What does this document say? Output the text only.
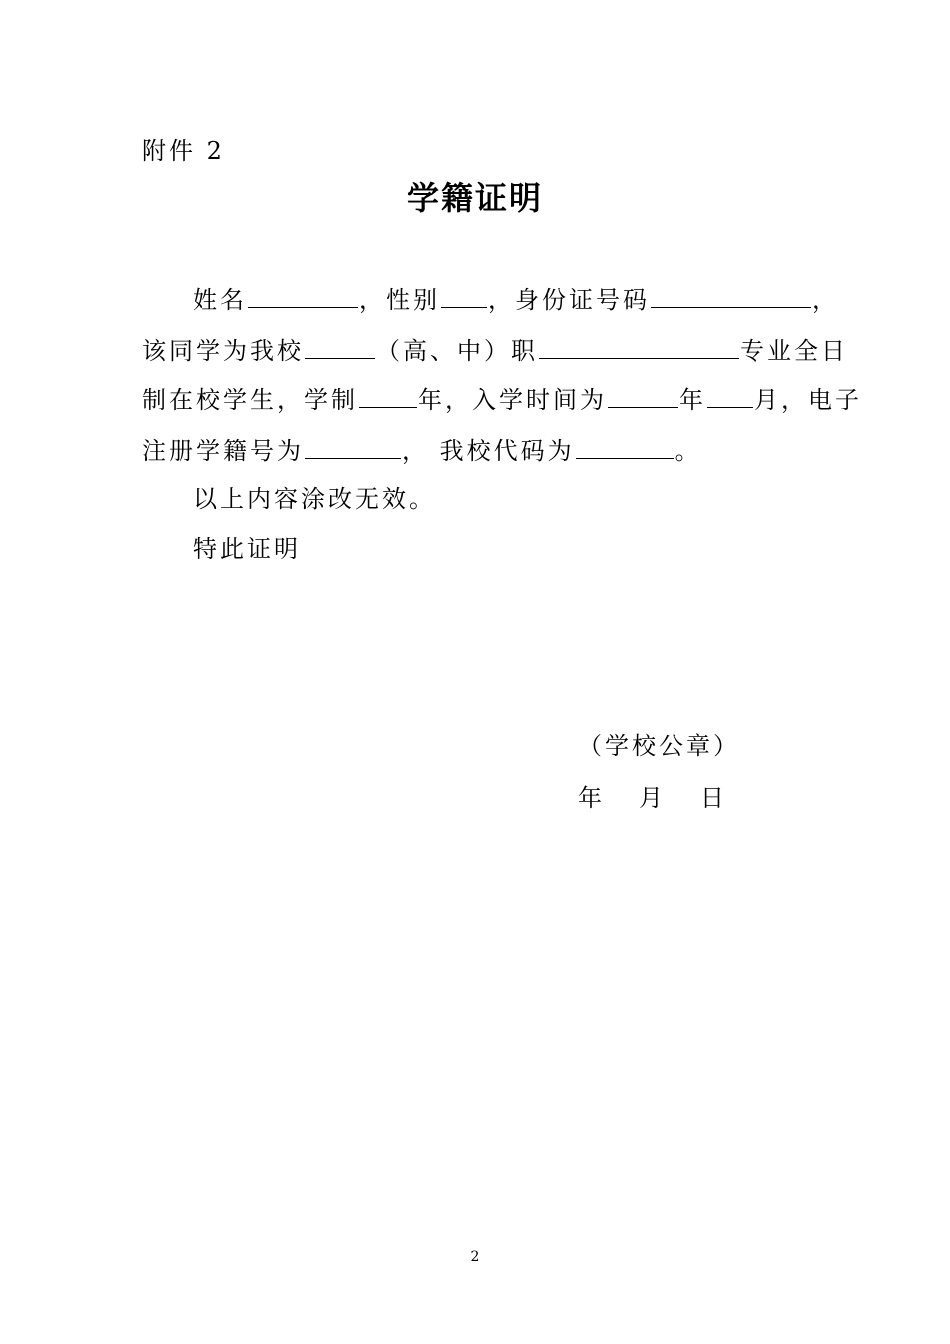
附件 2
学籍证明
姓名	，性别 ，身份证号码	，
该同学为我校	（高、中）职	专业全日
制在校学生，学制	年，入学时间为	年 月，电子
注册学籍号为	， 我校代码为	。
以上内容涂改无效。
特此证明
（学校公章）
年 月 日
2
